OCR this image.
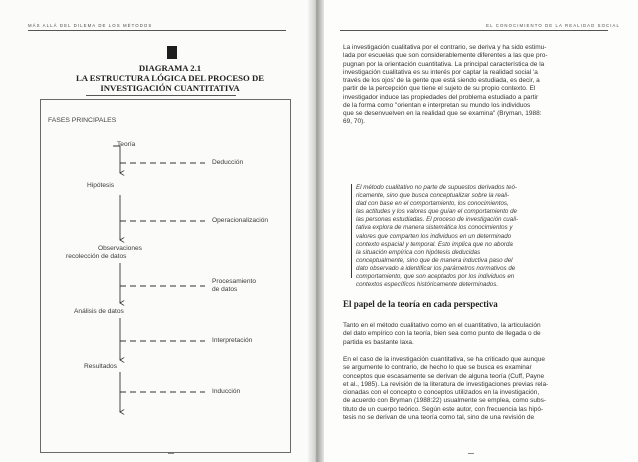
MÁS ALLÁ DEL DILEMA DE LOS MÉTODOS
DIAGRAMA 2.1
LA ESTRUCTURA LÓGICA DEL PROCESO DE
INVESTIGACIÓN CUANTITATIVA
FASES PRINCIPALES
Teoría
Hipótesis
Observaciones
recolección de datos
Análisis de datos
Resultados
Deducción
Operacionalización
Procesamiento
de datos
Interpretación
Inducción
EL CONOCIMIENTO DE LA REALIDAD SOCIAL
La investigación cualitativa por el contrario, se deriva y ha sido estimu-
lada por escuelas que son considerablemente diferentes a las que pro-
pugnan por la orientación cuantitativa. La principal característica de la
investigación cualitativa es su interés por captar la realidad social 'a
través de los ojos' de la gente que está siendo estudiada, es decir, a
partir de la percepción que tiene el sujeto de su propio contexto. El
investigador induce las propiedades del problema estudiado a partir
de la forma como "orientan e interpretan su mundo los individuos
que se desenvuelven en la realidad que se examina" (Bryman, 1988:
69, 70).
El método cualitativo no parte de supuestos derivados teó-
ricamente, sino que busca conceptualizar sobre la reali-
dad con base en el comportamiento, los conocimientos,
las actitudes y los valores que guían el comportamiento de
las personas estudiadas. El proceso de investigación cuali-
tativa explora de manera sistemática los conocimientos y
valores que comparten los individuos en un determinado
contexto espacial y temporal. Esto implica que no aborda
la situación empírica con hipótesis deducidas
conceptualmente, sino que de manera inductiva paso del
dato observado a identificar los parámetros normativos de
comportamiento, que son aceptados por los individuos en
contextos específicos históricamente determinados.
El papel de la teoría en cada perspectiva
Tanto en el método cualitativo como en el cuantitativo, la articulación
del dato empírico con la teoría, bien sea como punto de llegada o de
partida es bastante laxa.
En el caso de la investigación cuantitativa, se ha criticado que aunque
se argumente lo contrario, de hecho lo que se busca es examinar
conceptos que escasamente se derivan de alguna teoría (Cuff, Payne
et al., 1985). La revisión de la literatura de investigaciones previas rela-
cionadas con el concepto o conceptos utilizados en la investigación,
de acuerdo con Bryman (1988:22) usualmente se emplea, como subs-
tituto de un cuerpo teórico. Según este autor, con frecuencia las hipó-
tesis no se derivan de una teoría como tal, sino de una revisión de
